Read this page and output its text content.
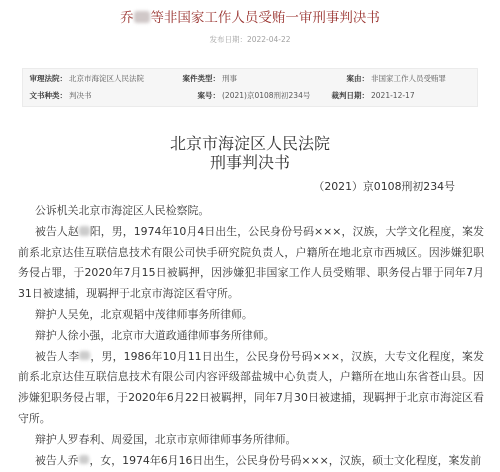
乔 等非国家工作人员受贿一审刑事判决书
发布日期：2022-04-22
审理法院： 北京市海淀区人民法院	案件类型： 刑事	案由： 非国家工作人员受贿罪
文书种类： 判决书	案号： (2021)京0108刑初234号	裁判日期： 2021-12-17
北京市海淀区人民法院
刑事判决书
（2021）京0108刑初234号

公诉机关北京市海淀区人民检察院。

被告人赵 阳，男，1974年10月4日出生，公民身份号码×××，汉族，大学文化程度，案发前系北京达佳互联信息技术有限公司快手研究院负责人，户籍所在地北京市西城区。因涉嫌犯职务侵占罪，于2020年7月15日被羁押，因涉嫌犯非国家工作人员受贿罪、职务侵占罪于同年7月31日被逮捕，现羁押于北京市海淀区看守所。

辩护人吴免，北京观韬中茂律师事务所律师。

辩护人徐小强，北京市大道政通律师事务所律师。

被告人李 ，男，1986年10月11日出生，公民身份号码×××，汉族，大专文化程度，案发前系北京达佳互联信息技术有限公司内容评级部盐城中心负责人，户籍所在地山东省苍山县。因涉嫌犯职务侵占罪，于2020年6月22日被羁押，同年7月30日被逮捕，现羁押于北京市海淀区看守所。

辩护人罗春利、周爱国，北京市京师律师事务所律师。

被告人乔 ，女，1974年6月16日出生，公民身份号码×××，汉族，硕士文化程度，案发前
